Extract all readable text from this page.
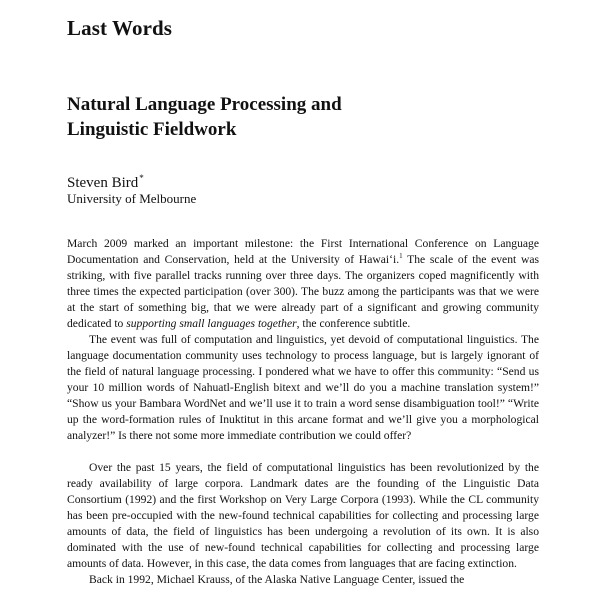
Last Words
Natural Language Processing and
Linguistic Fieldwork
Steven Bird*
University of Melbourne

March 2009 marked an important milestone: the First International Conference on Language Documentation and Conservation, held at the University of Hawai‘i.$^1$ The scale of the event was striking, with five parallel tracks running over three days. The organizers coped magnificently with three times the expected participation (over 300). The buzz among the participants was that we were at the start of something big, that we were already part of a significant and growing community dedicated to supporting small languages together, the conference subtitle.

The event was full of computation and linguistics, yet devoid of computational linguistics. The language documentation community uses technology to process language, but is largely ignorant of the field of natural language processing. I pondered what we have to offer this community: “Send us your 10 million words of Nahuatl-English bitext and we’ll do you a machine translation system!” “Show us your Bambara WordNet and we’ll use it to train a word sense disambiguation tool!” “Write up the word-formation rules of Inuktitut in this arcane format and we’ll give you a morphological analyzer!” Is there not some more immediate contribution we could offer?

Over the past 15 years, the field of computational linguistics has been revolutionized by the ready availability of large corpora. Landmark dates are the founding of the Linguistic Data Consortium (1992) and the first Workshop on Very Large Corpora (1993). While the CL community has been pre-occupied with the new-found technical capabilities for collecting and processing large amounts of data, the field of linguistics has been undergoing a revolution of its own. It is also dominated with the use of new-found technical capabilities for collecting and processing large amounts of data. However, in this case, the data comes from languages that are facing extinction.

Back in 1992, Michael Krauss, of the Alaska Native Language Center, issued the
